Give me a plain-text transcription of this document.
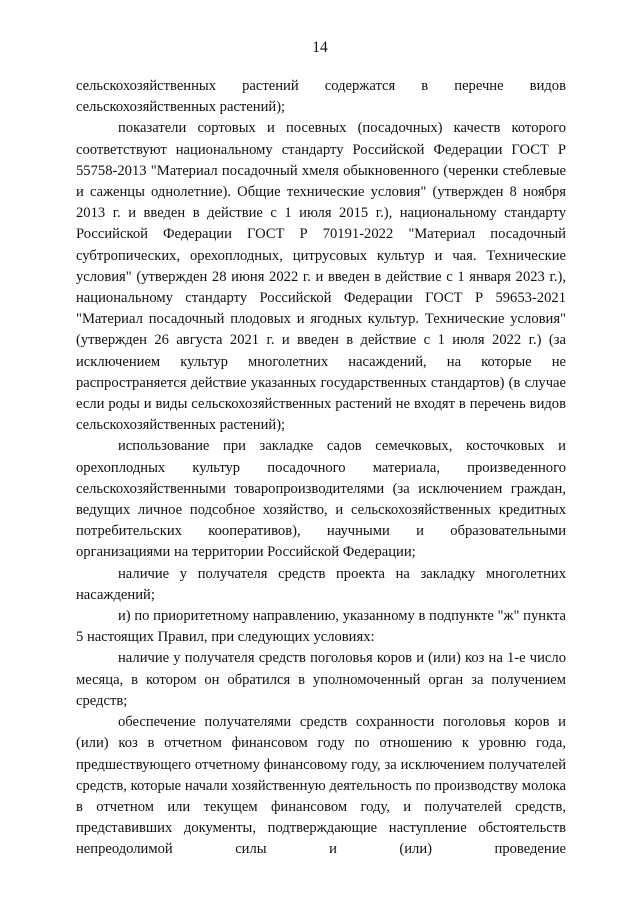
14

сельскохозяйственных растений содержатся в перечне видов сельскохозяйственных растений);

показатели сортовых и посевных (посадочных) качеств которого соответствуют национальному стандарту Российской Федерации ГОСТ Р 55758-2013 "Материал посадочный хмеля обыкновенного (черенки стеблевые и саженцы однолетние). Общие технические условия" (утвержден 8 ноября 2013 г. и введен в действие с 1 июля 2015 г.), национальному стандарту Российской Федерации ГОСТ Р 70191-2022 "Материал посадочный субтропических, орехоплодных, цитрусовых культур и чая. Технические условия" (утвержден 28 июня 2022 г. и введен в действие с 1 января 2023 г.), национальному стандарту Российской Федерации ГОСТ Р 59653-2021 "Материал посадочный плодовых и ягодных культур. Технические условия" (утвержден 26 августа 2021 г. и введен в действие с 1 июля 2022 г.) (за исключением культур многолетних насаждений, на которые не распространяется действие указанных государственных стандартов) (в случае если роды и виды сельскохозяйственных растений не входят в перечень видов сельскохозяйственных растений);

использование при закладке садов семечковых, косточковых и орехоплодных культур посадочного материала, произведенного сельскохозяйственными товаропроизводителями (за исключением граждан, ведущих личное подсобное хозяйство, и сельскохозяйственных кредитных потребительских кооперативов), научными и образовательными организациями на территории Российской Федерации;

наличие у получателя средств проекта на закладку многолетних насаждений;

и) по приоритетному направлению, указанному в подпункте "ж" пункта 5 настоящих Правил, при следующих условиях:

наличие у получателя средств поголовья коров и (или) коз на 1-е число месяца, в котором он обратился в уполномоченный орган за получением средств;

обеспечение получателями средств сохранности поголовья коров и (или) коз в отчетном финансовом году по отношению к уровню года, предшествующего отчетному финансовому году, за исключением получателей средств, которые начали хозяйственную деятельность по производству молока в отчетном или текущем финансовом году, и получателей средств, представивших документы, подтверждающие наступление обстоятельств непреодолимой силы и (или) проведение
